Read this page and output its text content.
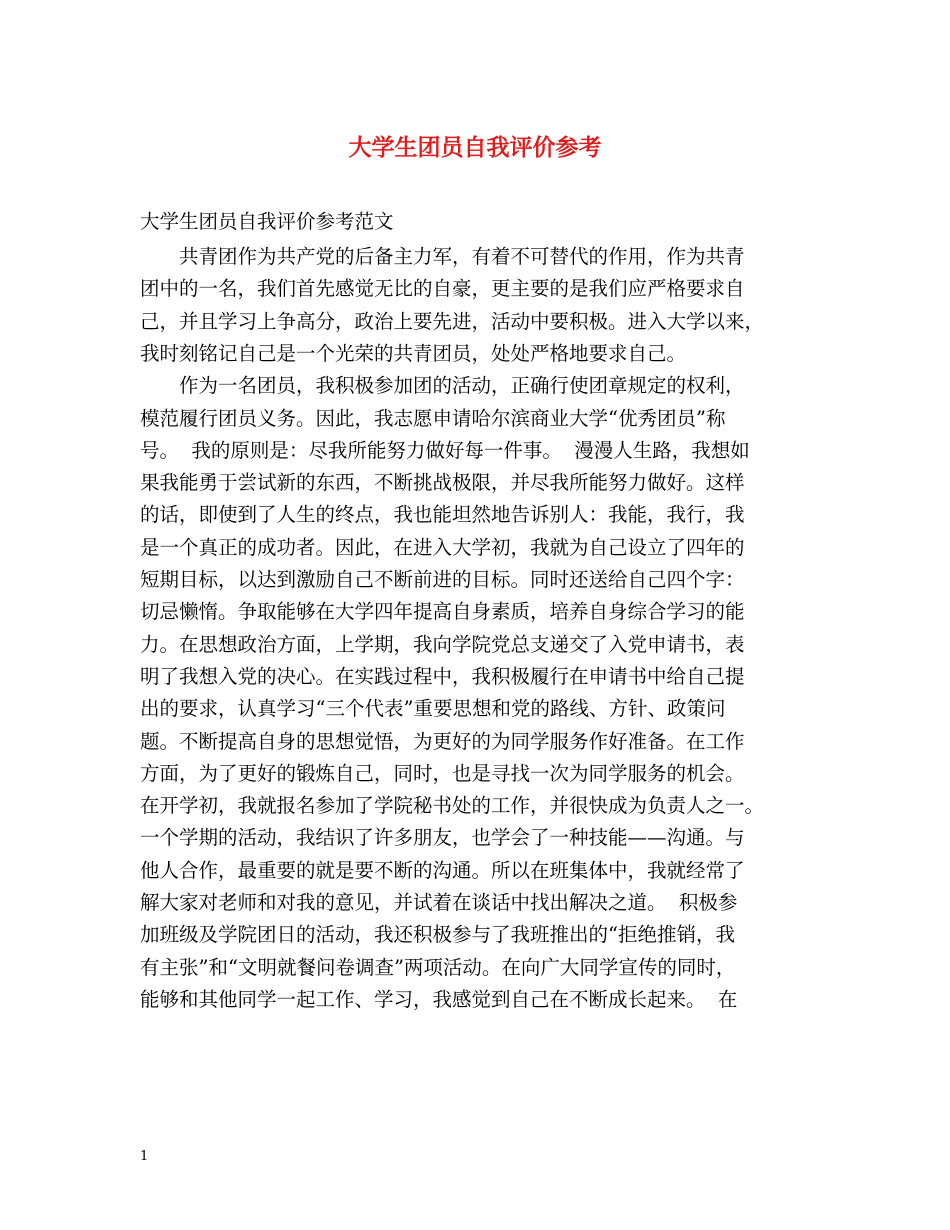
大学生团员自我评价参考
大学生团员自我评价参考范文
　　共青团作为共产党的后备主力军，有着不可替代的作用，作为共青
团中的一名，我们首先感觉无比的自豪，更主要的是我们应严格要求自
己，并且学习上争高分，政治上要先进，活动中要积极。进入大学以来，
我时刻铭记自己是一个光荣的共青团员，处处严格地要求自己。
　　作为一名团员，我积极参加团的活动，正确行使团章规定的权利，
模范履行团员义务。因此，我志愿申请哈尔滨商业大学“优秀团员”称
号。  我的原则是：尽我所能努力做好每一件事。  漫漫人生路，我想如
果我能勇于尝试新的东西，不断挑战极限，并尽我所能努力做好。这样
的话，即使到了人生的终点，我也能坦然地告诉别人：我能，我行，我
是一个真正的成功者。因此，在进入大学初，我就为自己设立了四年的
短期目标，以达到激励自己不断前进的目标。同时还送给自己四个字：
切忌懒惰。争取能够在大学四年提高自身素质，培养自身综合学习的能
力。在思想政治方面，上学期，我向学院党总支递交了入党申请书，表
明了我想入党的决心。在实践过程中，我积极履行在申请书中给自己提
出的要求，认真学习“三个代表”重要思想和党的路线、方针、政策问
题。不断提高自身的思想觉悟，为更好的为同学服务作好准备。在工作
方面，为了更好的锻炼自己，同时，也是寻找一次为同学服务的机会。
在开学初，我就报名参加了学院秘书处的工作，并很快成为负责人之一。
一个学期的活动，我结识了许多朋友，也学会了一种技能——沟通。与
他人合作，最重要的就是要不断的沟通。所以在班集体中，我就经常了
解大家对老师和对我的意见，并试着在谈话中找出解决之道。  积极参
加班级及学院团日的活动，我还积极参与了我班推出的“拒绝推销，我
有主张”和“文明就餐问卷调查”两项活动。在向广大同学宣传的同时，
能够和其他同学一起工作、学习，我感觉到自己在不断成长起来。  在
1
